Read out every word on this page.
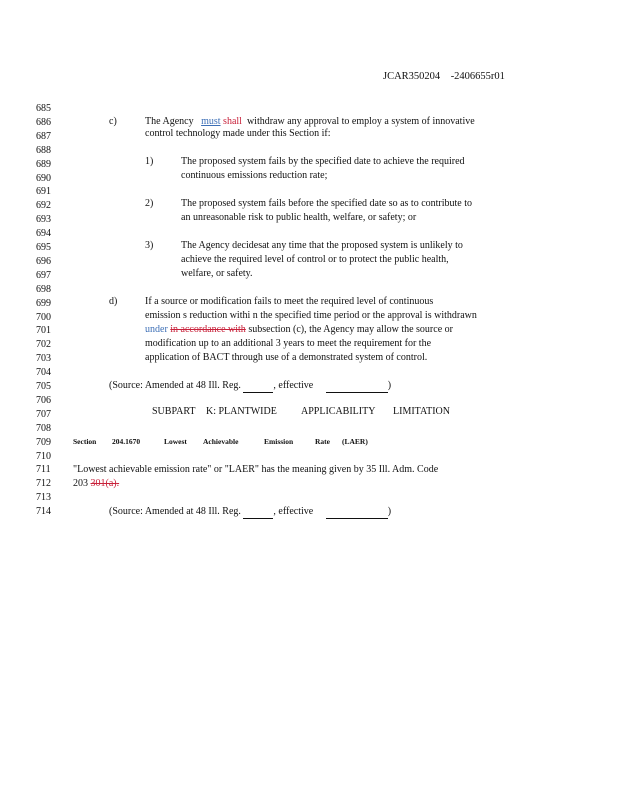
JCAR350204 -2406655r01
685
686
687
688
689
690
691
692
693
694
695
696
697
698
699
700
701
702
703
704
705
706
707
708
709
710
711
712
713
714
c)	The Agency must shall withdraw any approval to employ a system of innovative
control technology made under this Section if:
1)	The proposed system fails by the specified date to achieve the required
continuous emissions reduction rate;
2)	The proposed system fails before the specified date so as to contribute to
an unreasonable risk to public health, welfare, or safety; or
3)	The Agency decidesat any time that the proposed system is unlikely to
achieve the required level of control or to protect the public health,
welfare, or safety.
d)	If a source or modification fails to meet the required level of continuous
emission s reduction withi n the specified time period or the approval is withdrawn
under in accordance with subsection (c), the Agency may allow the source or
modification up to an additional 3 years to meet the requirement for the
application of BACT through use of a demonstrated system of control.
(Source: Amended at 48 Ill. Reg.	, effective	)
SUBPART K: PLANTWIDE APPLICABILITY LIMITATION
Section 204.1670	Lowest Achievable	Emission	Rate (LAER)
"Lowest achievable emission rate" or "LAER" has the meaning given by 35 Ill. Adm. Code
203 301(a).
(Source: Amended at 48 Ill. Reg.	, effective	)
